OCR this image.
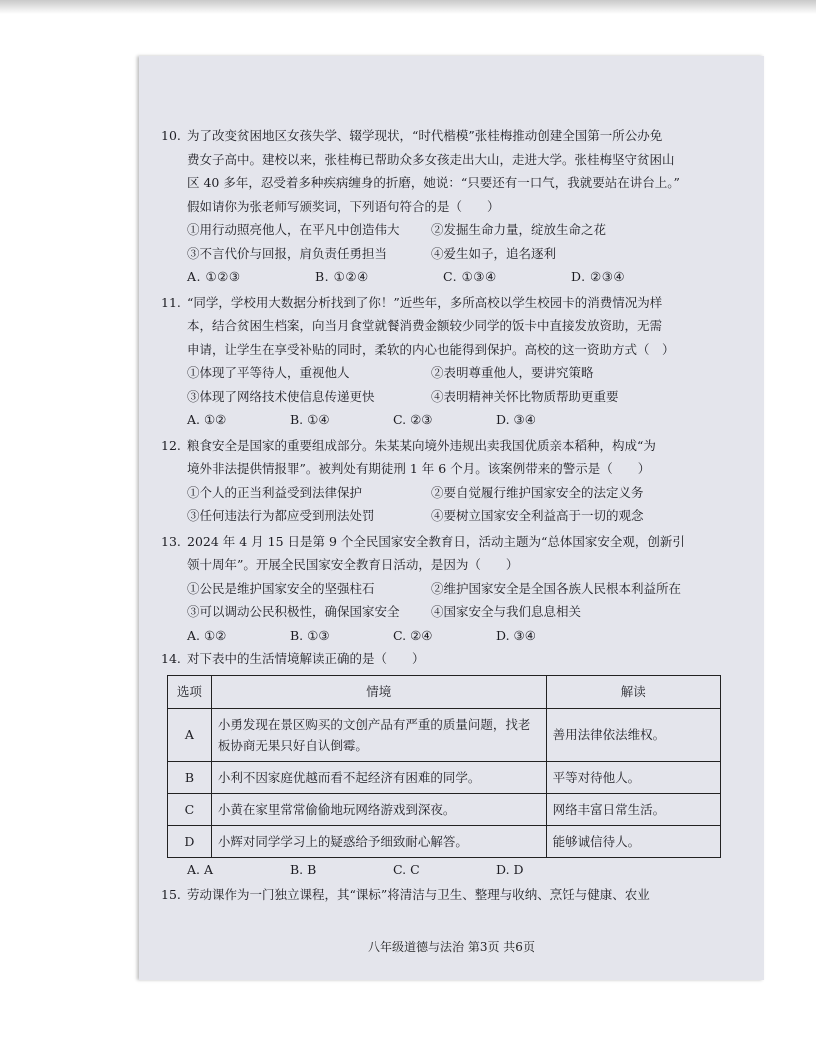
10. 为了改变贫困地区女孩失学、辍学现状，“时代楷模”张桂梅推动创建全国第一所公办免

费女子高中。建校以来，张桂梅已帮助众多女孩走出大山，走进大学。张桂梅坚守贫困山

区 40 多年，忍受着多种疾病缠身的折磨，她说：“只要还有一口气，我就要站在讲台上。”

假如请你为张老师写颁奖词，下列语句符合的是（　　）

①用行动照亮他人，在平凡中创造伟大	②发掘生命力量，绽放生命之花

③不言代价与回报，肩负责任勇担当	④爱生如子，追名逐利

A. ①②③	B. ①②④	C. ①③④	D. ②③④

11. “同学，学校用大数据分析找到了你！”近些年，多所高校以学生校园卡的消费情况为样

本，结合贫困生档案，向当月食堂就餐消费金额较少同学的饭卡中直接发放资助，无需

申请，让学生在享受补贴的同时，柔软的内心也能得到保护。高校的这一资助方式（　）

①体现了平等待人，重视他人	②表明尊重他人，要讲究策略

③体现了网络技术使信息传递更快	④表明精神关怀比物质帮助更重要

A. ①②	B. ①④	C. ②③	D. ③④

12. 粮食安全是国家的重要组成部分。朱某某向境外违规出卖我国优质亲本稻种，构成“为

境外非法提供情报罪”。被判处有期徒刑 1 年 6 个月。该案例带来的警示是（　　）

①个人的正当利益受到法律保护	②要自觉履行维护国家安全的法定义务

③任何违法行为都应受到刑法处罚	④要树立国家安全利益高于一切的观念

13. 2024 年 4 月 15 日是第 9 个全民国家安全教育日，活动主题为“总体国家安全观，创新引

领十周年”。开展全民国家安全教育日活动，是因为（　　）

①公民是维护国家安全的坚强柱石	②维护国家安全是全国各族人民根本利益所在

③可以调动公民积极性，确保国家安全	④国家安全与我们息息相关

A. ①②	B. ①③	C. ②④	D. ③④

14. 对下表中的生活情境解读正确的是（　　）

选项	情境	解读
A	小勇发现在景区购买的文创产品有严重的质量问题，找老板协商无果只好自认倒霉。	善用法律依法维权。
B	小利不因家庭优越而看不起经济有困难的同学。	平等对待他人。
C	小黄在家里常常偷偷地玩网络游戏到深夜。	网络丰富日常生活。
D	小辉对同学学习上的疑惑给予细致耐心解答。	能够诚信待人。

A. A	B. B	C. C	D. D

15. 劳动课作为一门独立课程，其“课标”将清洁与卫生、整理与收纳、烹饪与健康、农业

八年级道德与法治 第3页 共6页
